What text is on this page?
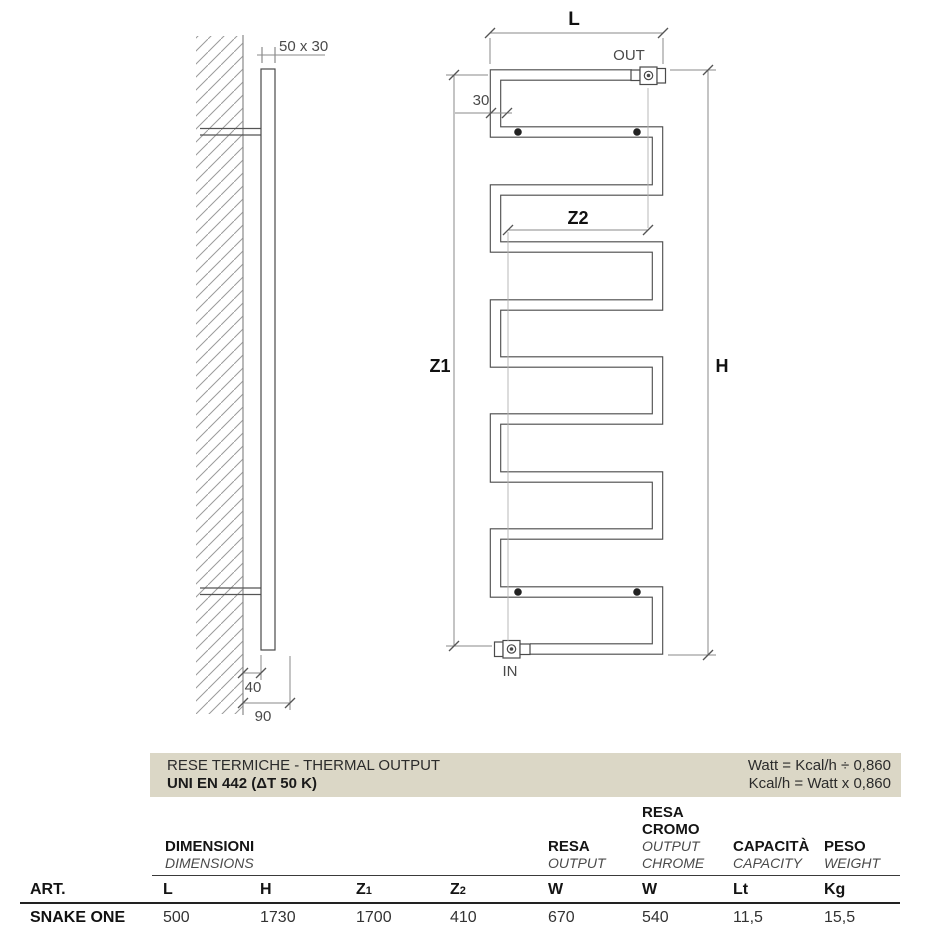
50 x 30
40
90
OUT
IN
L
30
Z2
Z1	H
RESE TERMICHE - THERMAL OUTPUT
UNI EN 442 (ΔT 50 K)
Watt = Kcal/h ÷ 0,860
Kcal/h = Watt x 0,860
DIMENSIONI
DIMENSIONS
RESA
OUTPUT
RESA CROMO
OUTPUT CHROME
CAPACITÀ
CAPACITY
PESO
WEIGHT
ART.	L	H	Z1	Z2	W	W	Lt	Kg
SNAKE ONE 500	1730	1700	410	670	540	11,5	15,5
